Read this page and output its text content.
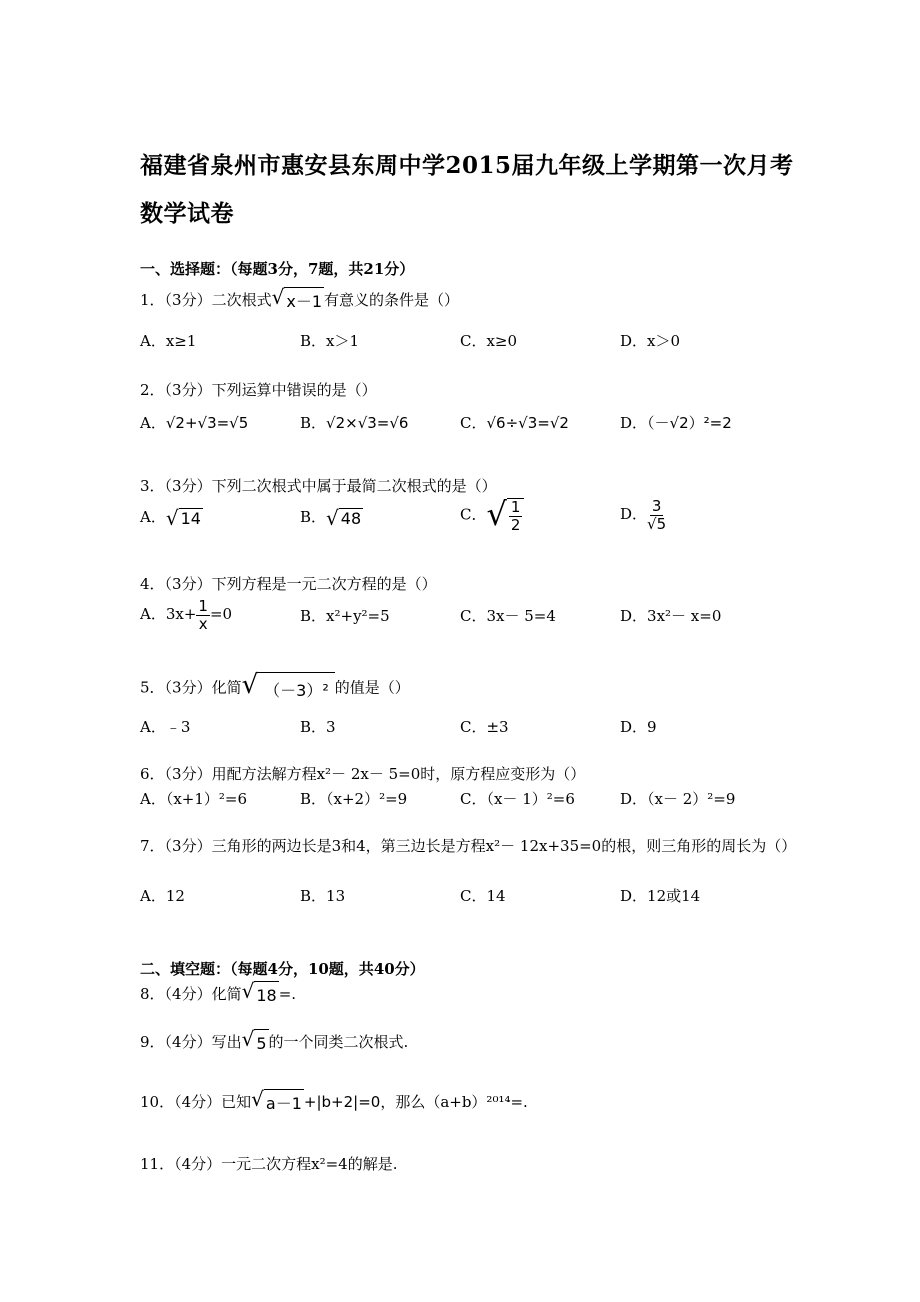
福建省泉州市惠安县东周中学2015届九年级上学期第一次月考
数学试卷
一、选择题：（每题3分，7题，共21分）
1．（3分）二次根式 √ x－1 有意义的条件是（）
A．x≥1	B．x＞1	C．x≥0	D．x＞0
2．（3分）下列运算中错误的是（）
A．√2+√3=√5	B．√2×√3=√6	C．√6÷√3=√2	D．（－√2）²=2
3．（3分）下列二次根式中属于最简二次根式的是（）
A． √ 14	B． √ 48	C． √ $\frac{1}{2}$	D． $\frac{3}{√5}$
4．（3分）下列方程是一元二次方程的是（）
A．$3x+ \frac{1}{x} =0$	B．x²+y²=5	C．3x－ 5=4	D．3x²－ x=0
5．（3分）化简 √ （－3）² 的值是（）
A．﹣3	B．3	C．±3	D．9
6．（3分）用配方法解方程x²－ 2x－ 5=0时，原方程应变形为（）
A．（x+1）²=6	B．（x+2）²=9	C．（x－ 1）²=6	D．（x－ 2）²=9
7．（3分）三角形的两边长是3和4，第三边长是方程x²－ 12x+35=0的根，则三角形的周长为（）
A．12	B．13	C．14	D．12或14
二、填空题：（每题4分，10题，共40分）
8．（4分）化简 √ 18 =.
9．（4分）写出 √ 5 的一个同类二次根式.
10．（4分）已知 √ a－1 +|b+2|=0，那么（a+b）²⁰¹⁴=.
11．（4分）一元二次方程x²=4的解是.
